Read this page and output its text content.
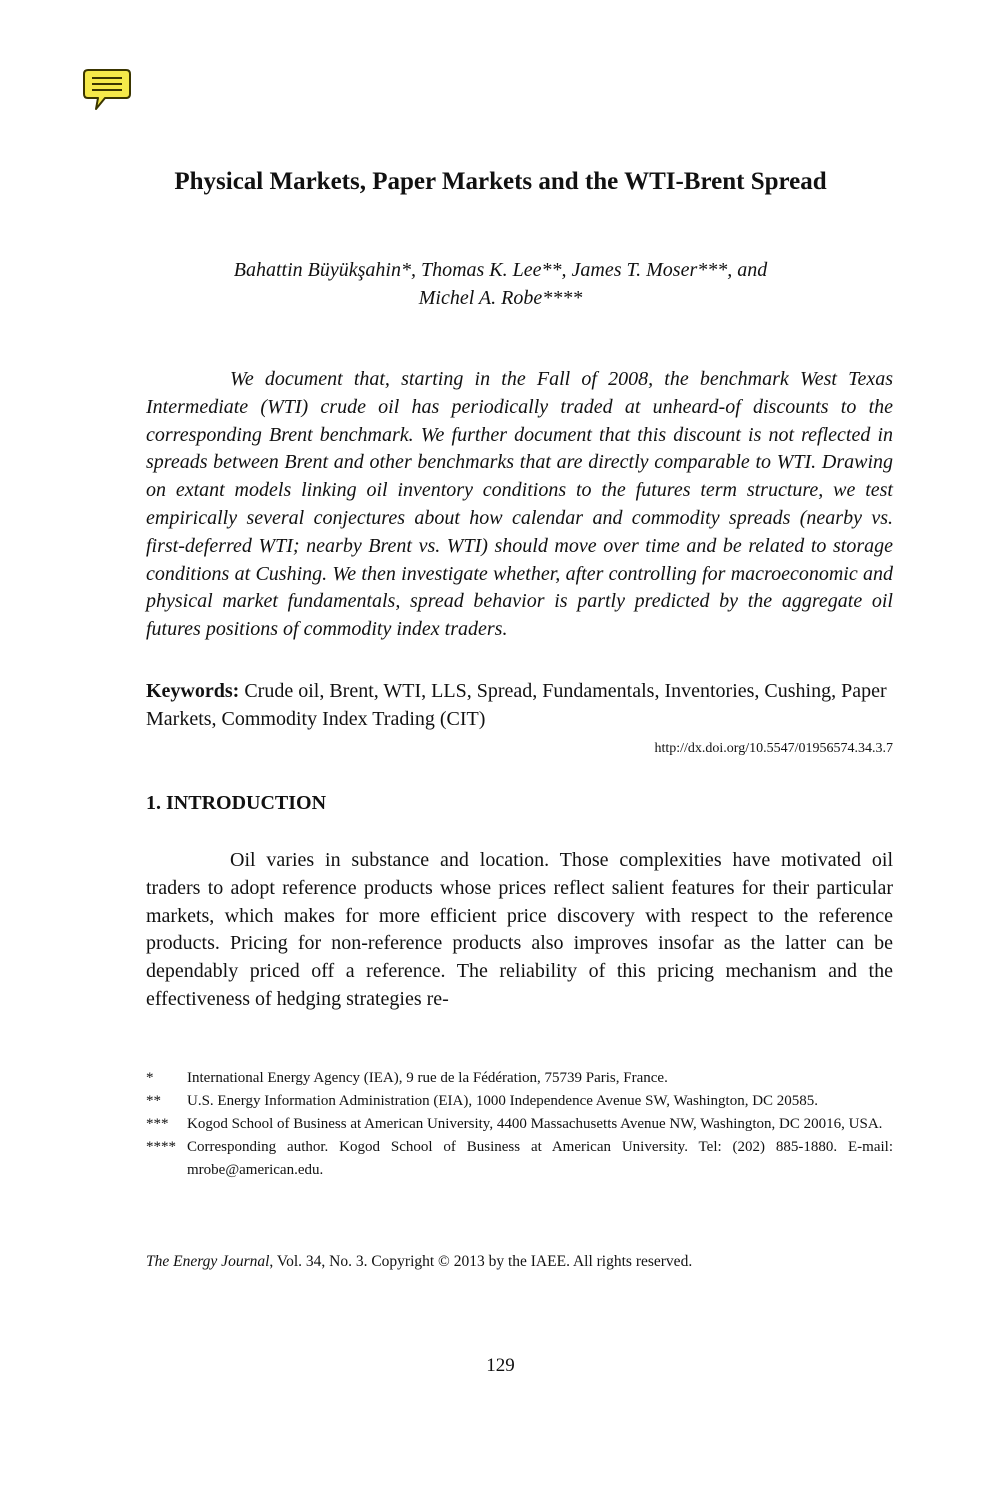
Physical Markets, Paper Markets and the WTI-Brent Spread
Bahattin Büyükşahin*, Thomas K. Lee**, James T. Moser***, and
Michel A. Robe****

We document that, starting in the Fall of 2008, the benchmark West Texas Intermediate (WTI) crude oil has periodically traded at unheard-of discounts to the corresponding Brent benchmark. We further document that this discount is not reflected in spreads between Brent and other benchmarks that are directly comparable to WTI. Drawing on extant models linking oil inventory conditions to the futures term structure, we test empirically several conjectures about how calendar and commodity spreads (nearby vs. first-deferred WTI; nearby Brent vs. WTI) should move over time and be related to storage conditions at Cushing. We then investigate whether, after controlling for macroeconomic and physical market fundamentals, spread behavior is partly predicted by the aggregate oil futures positions of commodity index traders.

Keywords: Crude oil, Brent, WTI, LLS, Spread, Fundamentals, Inventories, Cushing, Paper Markets, Commodity Index Trading (CIT)
http://dx.doi.org/10.5547/01956574.34.3.7
1. INTRODUCTION

Oil varies in substance and location. Those complexities have motivated oil traders to adopt reference products whose prices reflect salient features for their particular markets, which makes for more efficient price discovery with respect to the reference products. Pricing for non-reference products also improves insofar as the latter can be dependably priced off a reference. The reliability of this pricing mechanism and the effectiveness of hedging strategies re-

*	International Energy Agency (IEA), 9 rue de la Fédération, 75739 Paris, France.
**	U.S. Energy Information Administration (EIA), 1000 Independence Avenue SW, Washington, DC 20585.
***	Kogod School of Business at American University, 4400 Massachusetts Avenue NW, Washington, DC 20016, USA.
**** Corresponding author. Kogod School of Business at American University. Tel: (202) 885-1880. E-mail: mrobe@american.edu.
The Energy Journal, Vol. 34, No. 3. Copyright © 2013 by the IAEE. All rights reserved.
129
